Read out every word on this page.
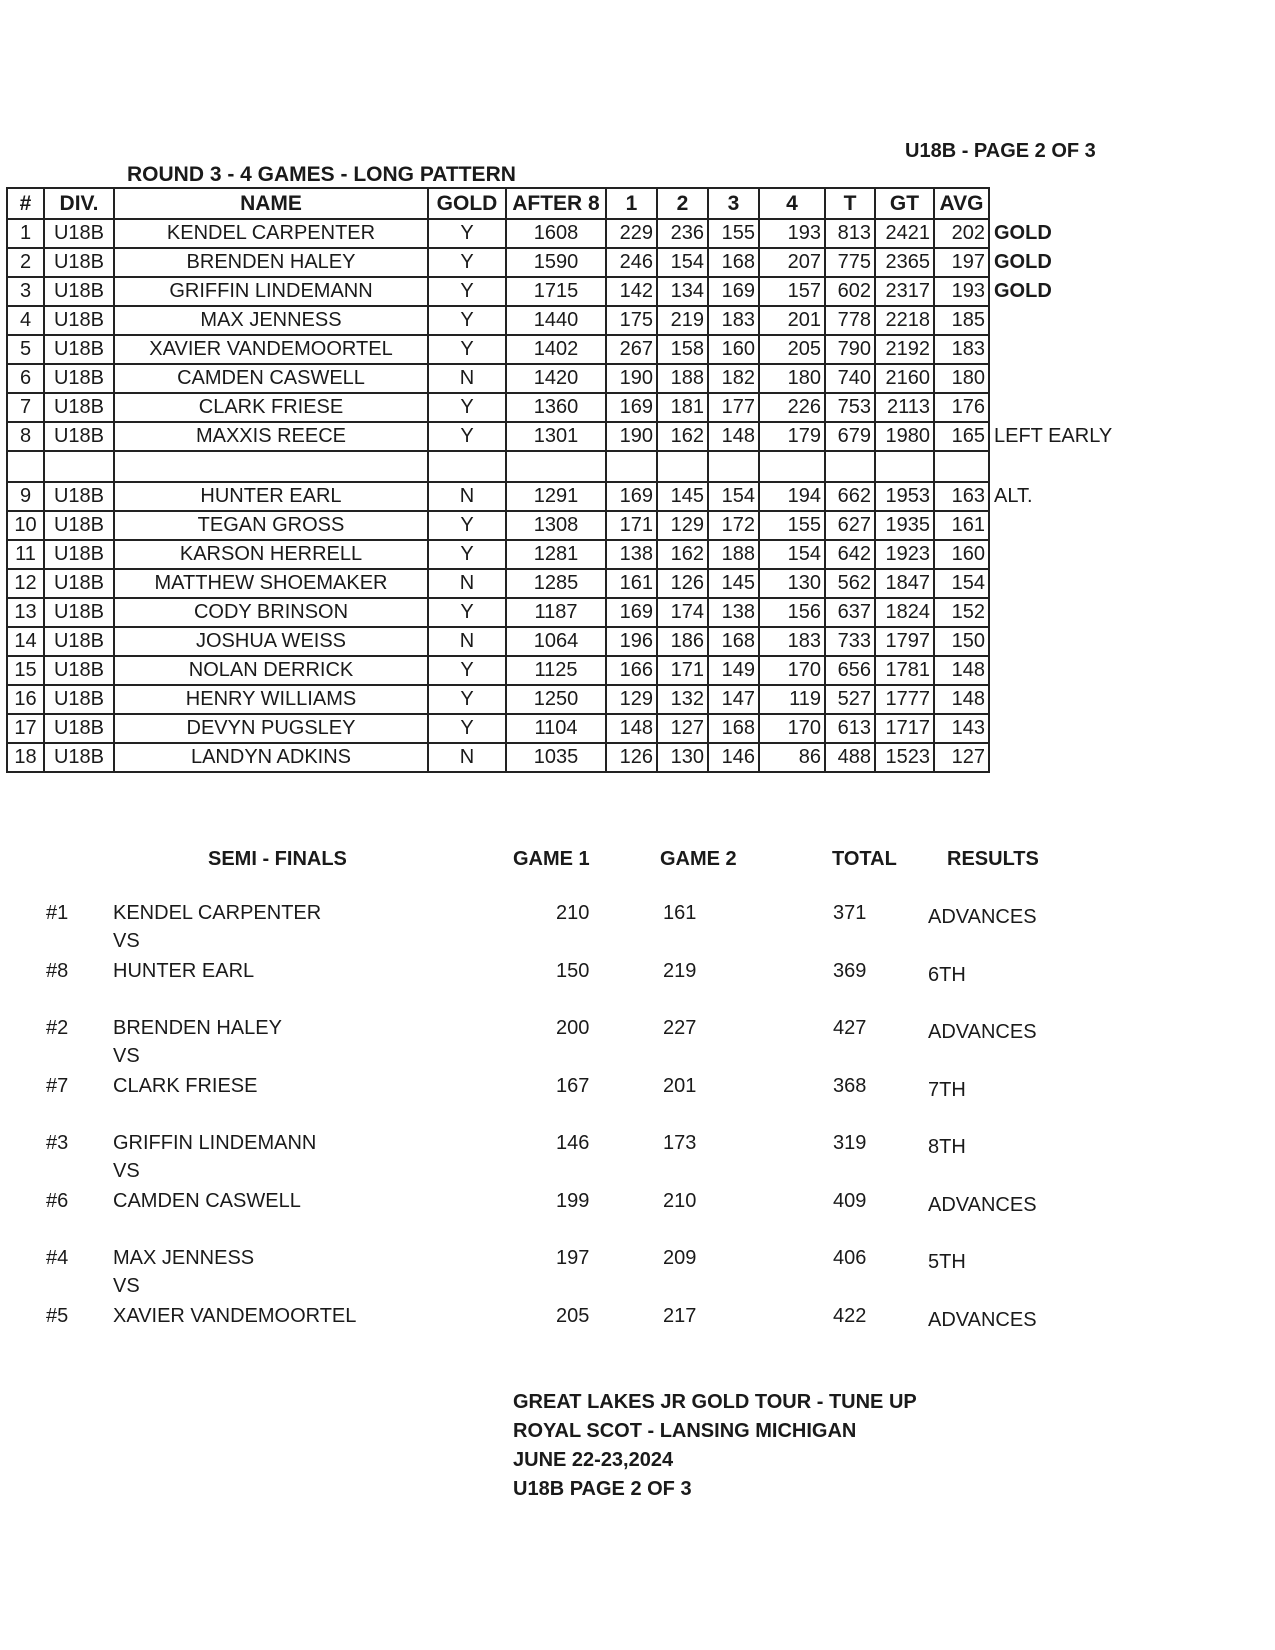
U18B - PAGE 2 OF 3
ROUND 3 - 4 GAMES - LONG PATTERN
#	DIV.	NAME	GOLD	AFTER 8	1	2	3	4	T	GT	AVG	
1	U18B	KENDEL CARPENTER	Y	1608	229	236	155	193	813	2421	202	GOLD
2	U18B	BRENDEN HALEY	Y	1590	246	154	168	207	775	2365	197	GOLD
3	U18B	GRIFFIN LINDEMANN	Y	1715	142	134	169	157	602	2317	193	GOLD
4	U18B	MAX JENNESS	Y	1440	175	219	183	201	778	2218	185	
5	U18B	XAVIER VANDEMOORTEL	Y	1402	267	158	160	205	790	2192	183	
6	U18B	CAMDEN CASWELL	N	1420	190	188	182	180	740	2160	180	
7	U18B	CLARK FRIESE	Y	1360	169	181	177	226	753	2113	176	
8	U18B	MAXXIS REECE	Y	1301	190	162	148	179	679	1980	165	LEFT EARLY

9	U18B	HUNTER EARL	N	1291	169	145	154	194	662	1953	163	ALT.
10	U18B	TEGAN GROSS	Y	1308	171	129	172	155	627	1935	161	
11	U18B	KARSON HERRELL	Y	1281	138	162	188	154	642	1923	160	
12	U18B	MATTHEW SHOEMAKER	N	1285	161	126	145	130	562	1847	154	
13	U18B	CODY BRINSON	Y	1187	169	174	138	156	637	1824	152	
14	U18B	JOSHUA WEISS	N	1064	196	186	168	183	733	1797	150	
15	U18B	NOLAN DERRICK	Y	1125	166	171	149	170	656	1781	148	
16	U18B	HENRY WILLIAMS	Y	1250	129	132	147	119	527	1777	148	
17	U18B	DEVYN PUGSLEY	Y	1104	148	127	168	170	613	1717	143	
18	U18B	LANDYN ADKINS	N	1035	126	130	146	86	488	1523	127	
SEMI - FINALS	GAME 1	GAME 2	TOTAL	RESULTS
#1 KENDEL CARPENTER	210	161	371	ADVANCES
#8 HUNTER EARL	150	219	369	6TH
VS
#2 BRENDEN HALEY	200	227	427	ADVANCES
#7 CLARK FRIESE	167	201	368	7TH
VS
#3 GRIFFIN LINDEMANN	146	173	319	8TH
#6 CAMDEN CASWELL	199	210	409	ADVANCES
VS
#4 MAX JENNESS	197	209	406	5TH
#5 XAVIER VANDEMOORTEL	205	217	422	ADVANCES
VS
GREAT LAKES JR GOLD TOUR - TUNE UP
ROYAL SCOT - LANSING MICHIGAN
JUNE 22-23,2024
U18B PAGE 2 OF 3
